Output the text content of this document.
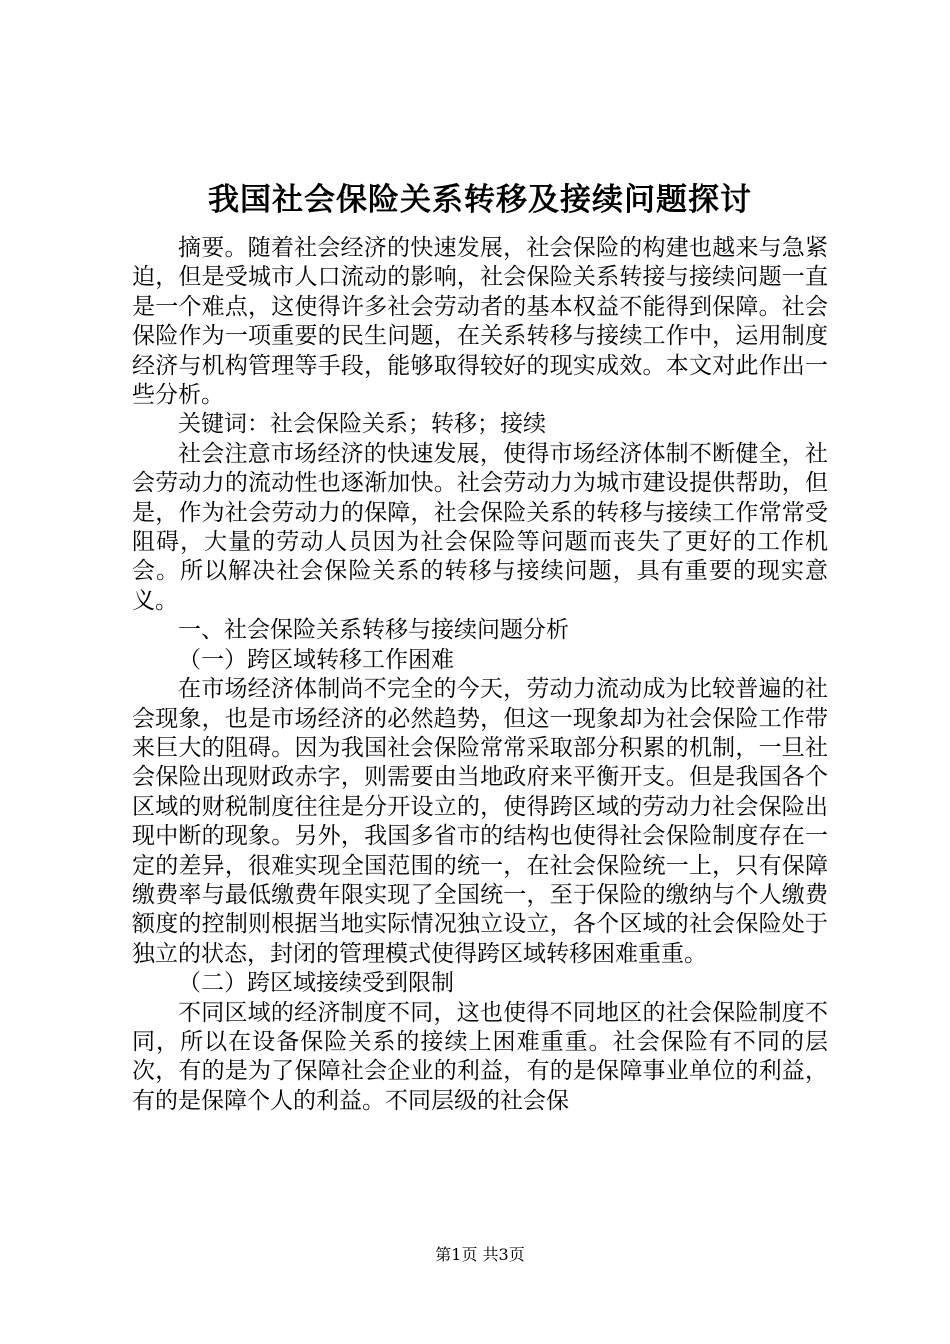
我国社会保险关系转移及接续问题探讨

摘要。随着社会经济的快速发展，社会保险的构建也越来与急紧迫，但是受城市人口流动的影响，社会保险关系转接与接续问题一直是一个难点，这使得许多社会劳动者的基本权益不能得到保障。社会保险作为一项重要的民生问题，在关系转移与接续工作中，运用制度经济与机构管理等手段，能够取得较好的现实成效。本文对此作出一些分析。

关键词：社会保险关系；转移；接续

社会注意市场经济的快速发展，使得市场经济体制不断健全，社会劳动力的流动性也逐渐加快。社会劳动力为城市建设提供帮助，但是，作为社会劳动力的保障，社会保险关系的转移与接续工作常常受阻碍，大量的劳动人员因为社会保险等问题而丧失了更好的工作机会。所以解决社会保险关系的转移与接续问题，具有重要的现实意义。

一、社会保险关系转移与接续问题分析

（一）跨区域转移工作困难

在市场经济体制尚不完全的今天，劳动力流动成为比较普遍的社会现象，也是市场经济的必然趋势，但这一现象却为社会保险工作带来巨大的阻碍。因为我国社会保险常常采取部分积累的机制，一旦社会保险出现财政赤字，则需要由当地政府来平衡开支。但是我国各个区域的财税制度往往是分开设立的，使得跨区域的劳动力社会保险出现中断的现象。另外，我国多省市的结构也使得社会保险制度存在一定的差异，很难实现全国范围的统一，在社会保险统一上，只有保障缴费率与最低缴费年限实现了全国统一，至于保险的缴纳与个人缴费额度的控制则根据当地实际情况独立设立，各个区域的社会保险处于独立的状态，封闭的管理模式使得跨区域转移困难重重。

（二）跨区域接续受到限制

不同区域的经济制度不同，这也使得不同地区的社会保险制度不同，所以在设备保险关系的接续上困难重重。社会保险有不同的层次，有的是为了保障社会企业的利益，有的是保障事业单位的利益，有的是保障个人的利益。不同层级的社会保

第1页 共3页
